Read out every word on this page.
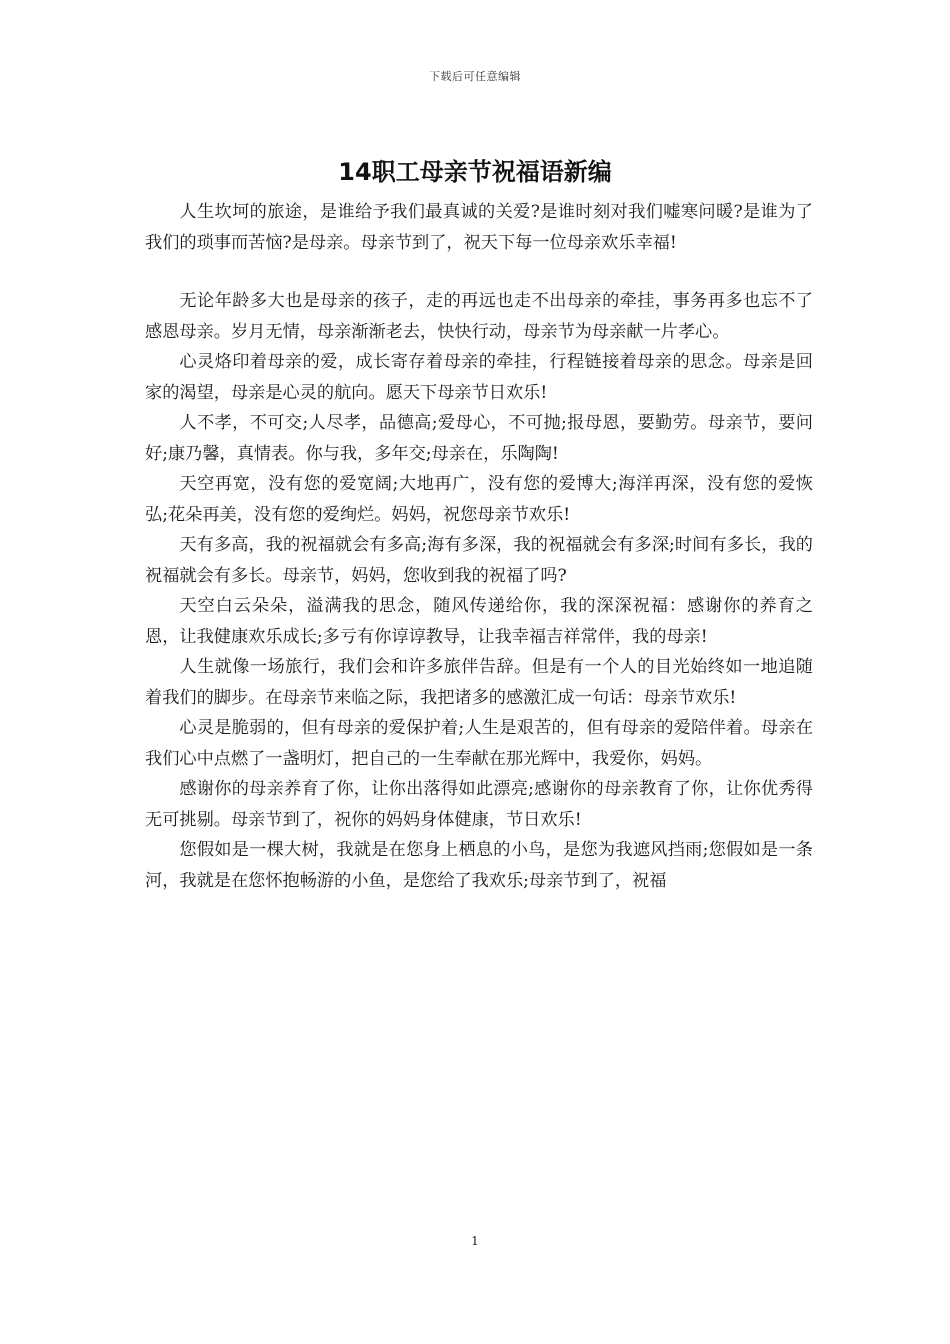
下载后可任意编辑
14职工母亲节祝福语新编

人生坎坷的旅途，是谁给予我们最真诚的关爱?是谁时刻对我们嘘寒问暖?是谁为了我们的琐事而苦恼?是母亲。母亲节到了，祝天下每一位母亲欢乐幸福!

无论年龄多大也是母亲的孩子，走的再远也走不出母亲的牵挂，事务再多也忘不了感恩母亲。岁月无情，母亲渐渐老去，快快行动，母亲节为母亲献一片孝心。

心灵烙印着母亲的爱，成长寄存着母亲的牵挂，行程链接着母亲的思念。母亲是回家的渴望，母亲是心灵的航向。愿天下母亲节日欢乐!

人不孝，不可交;人尽孝，品德高;爱母心，不可抛;报母恩，要勤劳。母亲节，要问好;康乃馨，真情表。你与我，多年交;母亲在，乐陶陶!

天空再宽，没有您的爱宽阔;大地再广，没有您的爱博大;海洋再深，没有您的爱恢弘;花朵再美，没有您的爱绚烂。妈妈，祝您母亲节欢乐!

天有多高，我的祝福就会有多高;海有多深，我的祝福就会有多深;时间有多长，我的祝福就会有多长。母亲节，妈妈，您收到我的祝福了吗?

天空白云朵朵，溢满我的思念，随风传递给你，我的深深祝福：感谢你的养育之恩，让我健康欢乐成长;多亏有你谆谆教导，让我幸福吉祥常伴，我的母亲!

人生就像一场旅行，我们会和许多旅伴告辞。但是有一个人的目光始终如一地追随着我们的脚步。在母亲节来临之际，我把诸多的感激汇成一句话：母亲节欢乐!

心灵是脆弱的，但有母亲的爱保护着;人生是艰苦的，但有母亲的爱陪伴着。母亲在我们心中点燃了一盏明灯，把自己的一生奉献在那光辉中，我爱你，妈妈。

感谢你的母亲养育了你，让你出落得如此漂亮;感谢你的母亲教育了你，让你优秀得无可挑剔。母亲节到了，祝你的妈妈身体健康，节日欢乐!

您假如是一棵大树，我就是在您身上栖息的小鸟，是您为我遮风挡雨;您假如是一条河，我就是在您怀抱畅游的小鱼，是您给了我欢乐;母亲节到了，祝福

1
